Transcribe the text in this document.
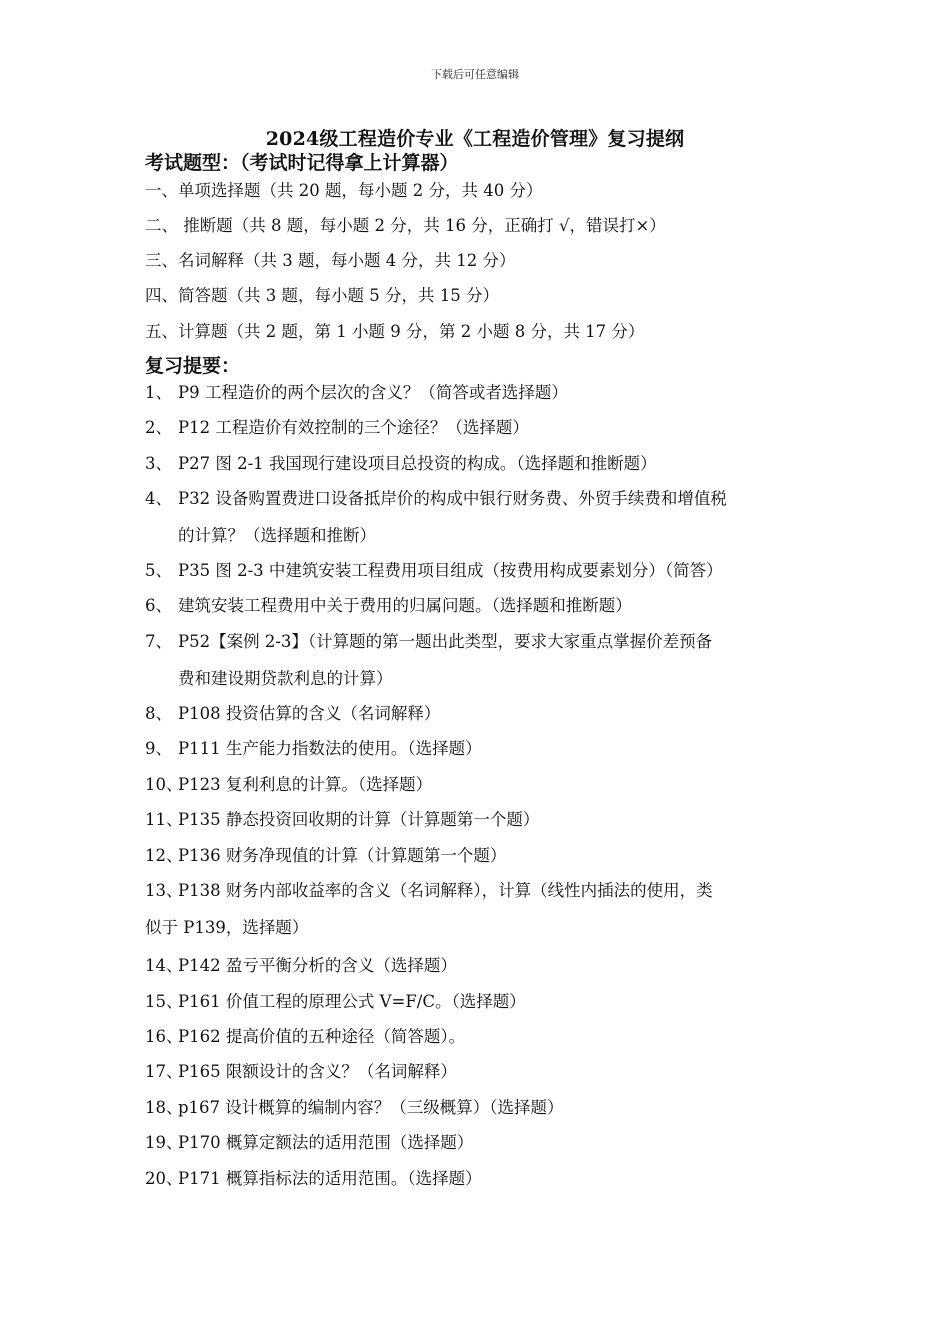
下载后可任意编辑
2024级工程造价专业《工程造价管理》复习提纲
考试题型：（考试时记得拿上计算器）
一、单项选择题（共 20 题，每小题 2 分，共 40 分）
二、 推断题（共 8 题，每小题 2 分，共 16 分，正确打 √，错误打×）
三、名词解释（共 3 题，每小题 4 分，共 12 分）
四、简答题（共 3 题，每小题 5 分，共 15 分）
五、计算题（共 2 题，第 1 小题 9 分，第 2 小题 8 分，共 17 分）
复习提要：
1、 P9 工程造价的两个层次的含义？（简答或者选择题）
2、 P12 工程造价有效控制的三个途径？（选择题）
3、 P27 图 2-1 我国现行建设项目总投资的构成。（选择题和推断题）
4、 P32 设备购置费进口设备抵岸价的构成中银行财务费、外贸手续费和增值税
的计算？（选择题和推断）
5、 P35 图 2-3 中建筑安装工程费用项目组成（按费用构成要素划分）（简答）
6、 建筑安装工程费用中关于费用的归属问题。（选择题和推断题）
7、 P52【案例 2-3】（计算题的第一题出此类型，要求大家重点掌握价差预备
费和建设期贷款利息的计算）
8、 P108 投资估算的含义（名词解释）
9、 P111 生产能力指数法的使用。（选择题）
10、P123 复利利息的计算。（选择题）
11、P135 静态投资回收期的计算（计算题第一个题）
12、P136 财务净现值的计算（计算题第一个题）
13、P138 财务内部收益率的含义（名词解释），计算（线性内插法的使用，类
似于 P139，选择题）
14、P142 盈亏平衡分析的含义（选择题）
15、P161 价值工程的原理公式 V=F/C。（选择题）
16、P162 提高价值的五种途径（简答题）。
17、P165 限额设计的含义？（名词解释）
18、p167 设计概算的编制内容？（三级概算）（选择题）
19、P170 概算定额法的适用范围（选择题）
20、P171 概算指标法的适用范围。（选择题）
